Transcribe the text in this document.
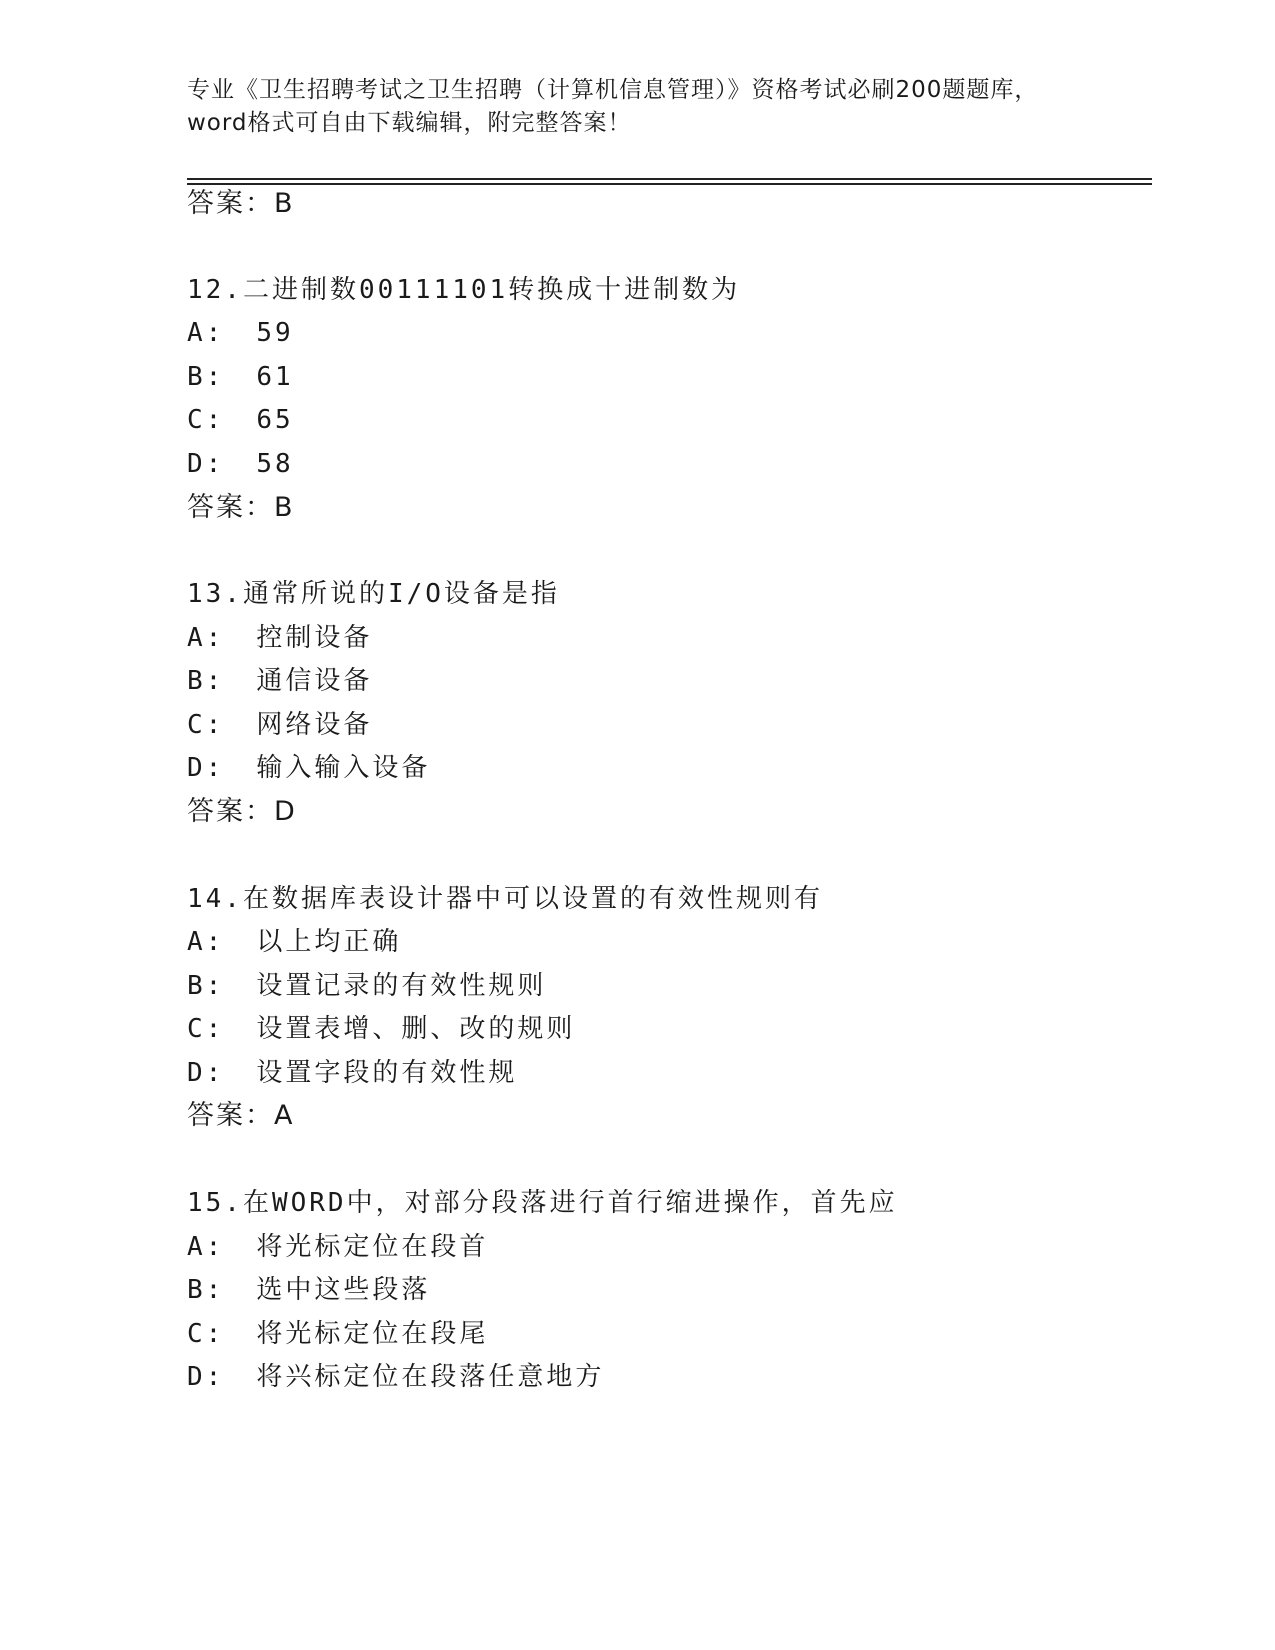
专业《卫生招聘考试之卫生招聘（计算机信息管理）》资格考试必刷200题题库，
word格式可自由下载编辑，附完整答案！
答案：B
12.二进制数00111101转换成十进制数为
A: 59
B: 61
C: 65
D: 58
答案：B
13.通常所说的I/O设备是指
A: 控制设备
B: 通信设备
C: 网络设备
D: 输入输入设备
答案：D
14.在数据库表设计器中可以设置的有效性规则有
A: 以上均正确
B: 设置记录的有效性规则
C: 设置表增、删、改的规则
D: 设置字段的有效性规
答案：A
15.在WORD中，对部分段落进行首行缩进操作，首先应
A: 将光标定位在段首
B: 选中这些段落
C: 将光标定位在段尾
D: 将兴标定位在段落任意地方
